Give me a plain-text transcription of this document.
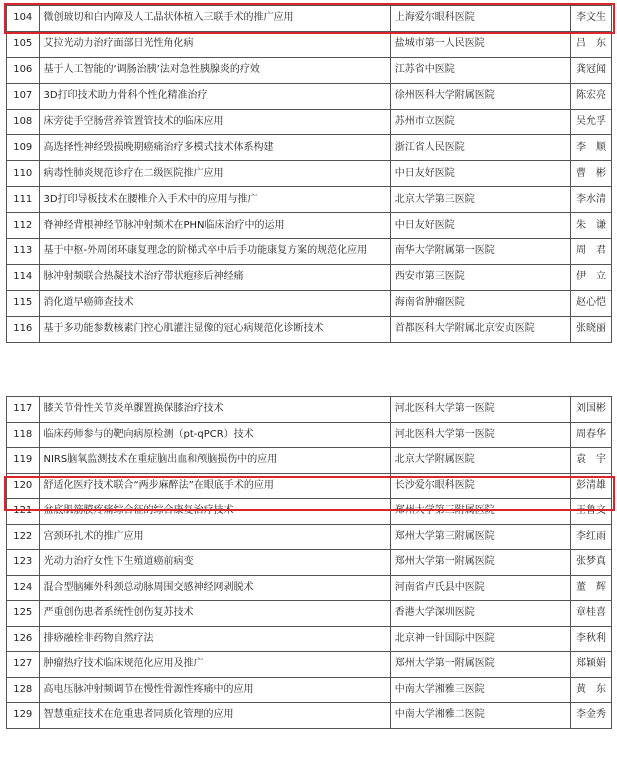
104	微创玻切和白内障及人工晶状体植入三联手术的推广应用	上海爱尔眼科医院	李文生
105	艾拉光动力治疗面部日光性角化病	盐城市第一人民医院	吕　东
106	基于人工智能的‘调肠治胰’法对急性胰腺炎的疗效	江苏省中医院	龚冠闻
107	3D打印技术助力骨科个性化精准治疗	徐州医科大学附属医院	陈宏亮
108	床旁徒手空肠营养管置管技术的临床应用	苏州市立医院	吴允孚
109	高选择性神经毁损晚期癌痛治疗多模式技术体系构建	浙江省人民医院	李　顺
110	病毒性肺炎规范诊疗在二级医院推广应用	中日友好医院	曹　彬
111	3D打印导板技术在腰椎介入手术中的应用与推广	北京大学第三医院	李水清
112	脊神经背根神经节脉冲射频术在PHN临床治疗中的运用	中日友好医院	朱　谦
113	基于中枢-外周闭环康复理念的阶梯式卒中后手功能康复方案的规范化应用	南华大学附属第一医院	周　君
114	脉冲射频联合热凝技术治疗带状疱疹后神经痛	西安市第三医院	伊　立
115	消化道早癌筛查技术	海南省肿瘤医院	赵心恺
116	基于多功能参数核素门控心肌灌注显像的冠心病规范化诊断技术	首都医科大学附属北京安贞医院	张晓丽
117	膝关节骨性关节炎单髁置换保膝治疗技术	河北医科大学第一医院	刘国彬
118	临床药师参与的靶向病原检测（pt-qPCR）技术	河北医科大学第一医院	周春华
119	NIRS脑氧监测技术在重症脑出血和颅脑损伤中的应用	北京大学附属医院	袁　宇
120	舒适化医疗技术联合“两步麻醉法”在眼底手术的应用	长沙爱尔眼科医院	彭清雄
121	盆底肌筋膜疼痛综合征的综合康复治疗技术	郑州大学第三附属医院	王鲁文
122	宫颈环扎术的推广应用	郑州大学第三附属医院	李红雨
123	光动力治疗女性下生殖道癌前病变	郑州大学第一附属医院	张梦真
124	混合型脑瘫外科颈总动脉周围交感神经网剥脱术	河南省卢氏县中医院	董　辉
125	严重创伤患者系统性创伤复苏技术	香港大学深圳医院	章桂喜
126	排痧融栓非药物自然疗法	北京神一针国际中医院	李秋利
127	肿瘤热疗技术临床规范化应用及推广	郑州大学第一附属医院	郑颖娟
128	高电压脉冲射频调节在慢性骨源性疼痛中的应用	中南大学湘雅三医院	黄　东
129	智慧重症技术在危重患者同质化管理的应用	中南大学湘雅二医院	李金秀
